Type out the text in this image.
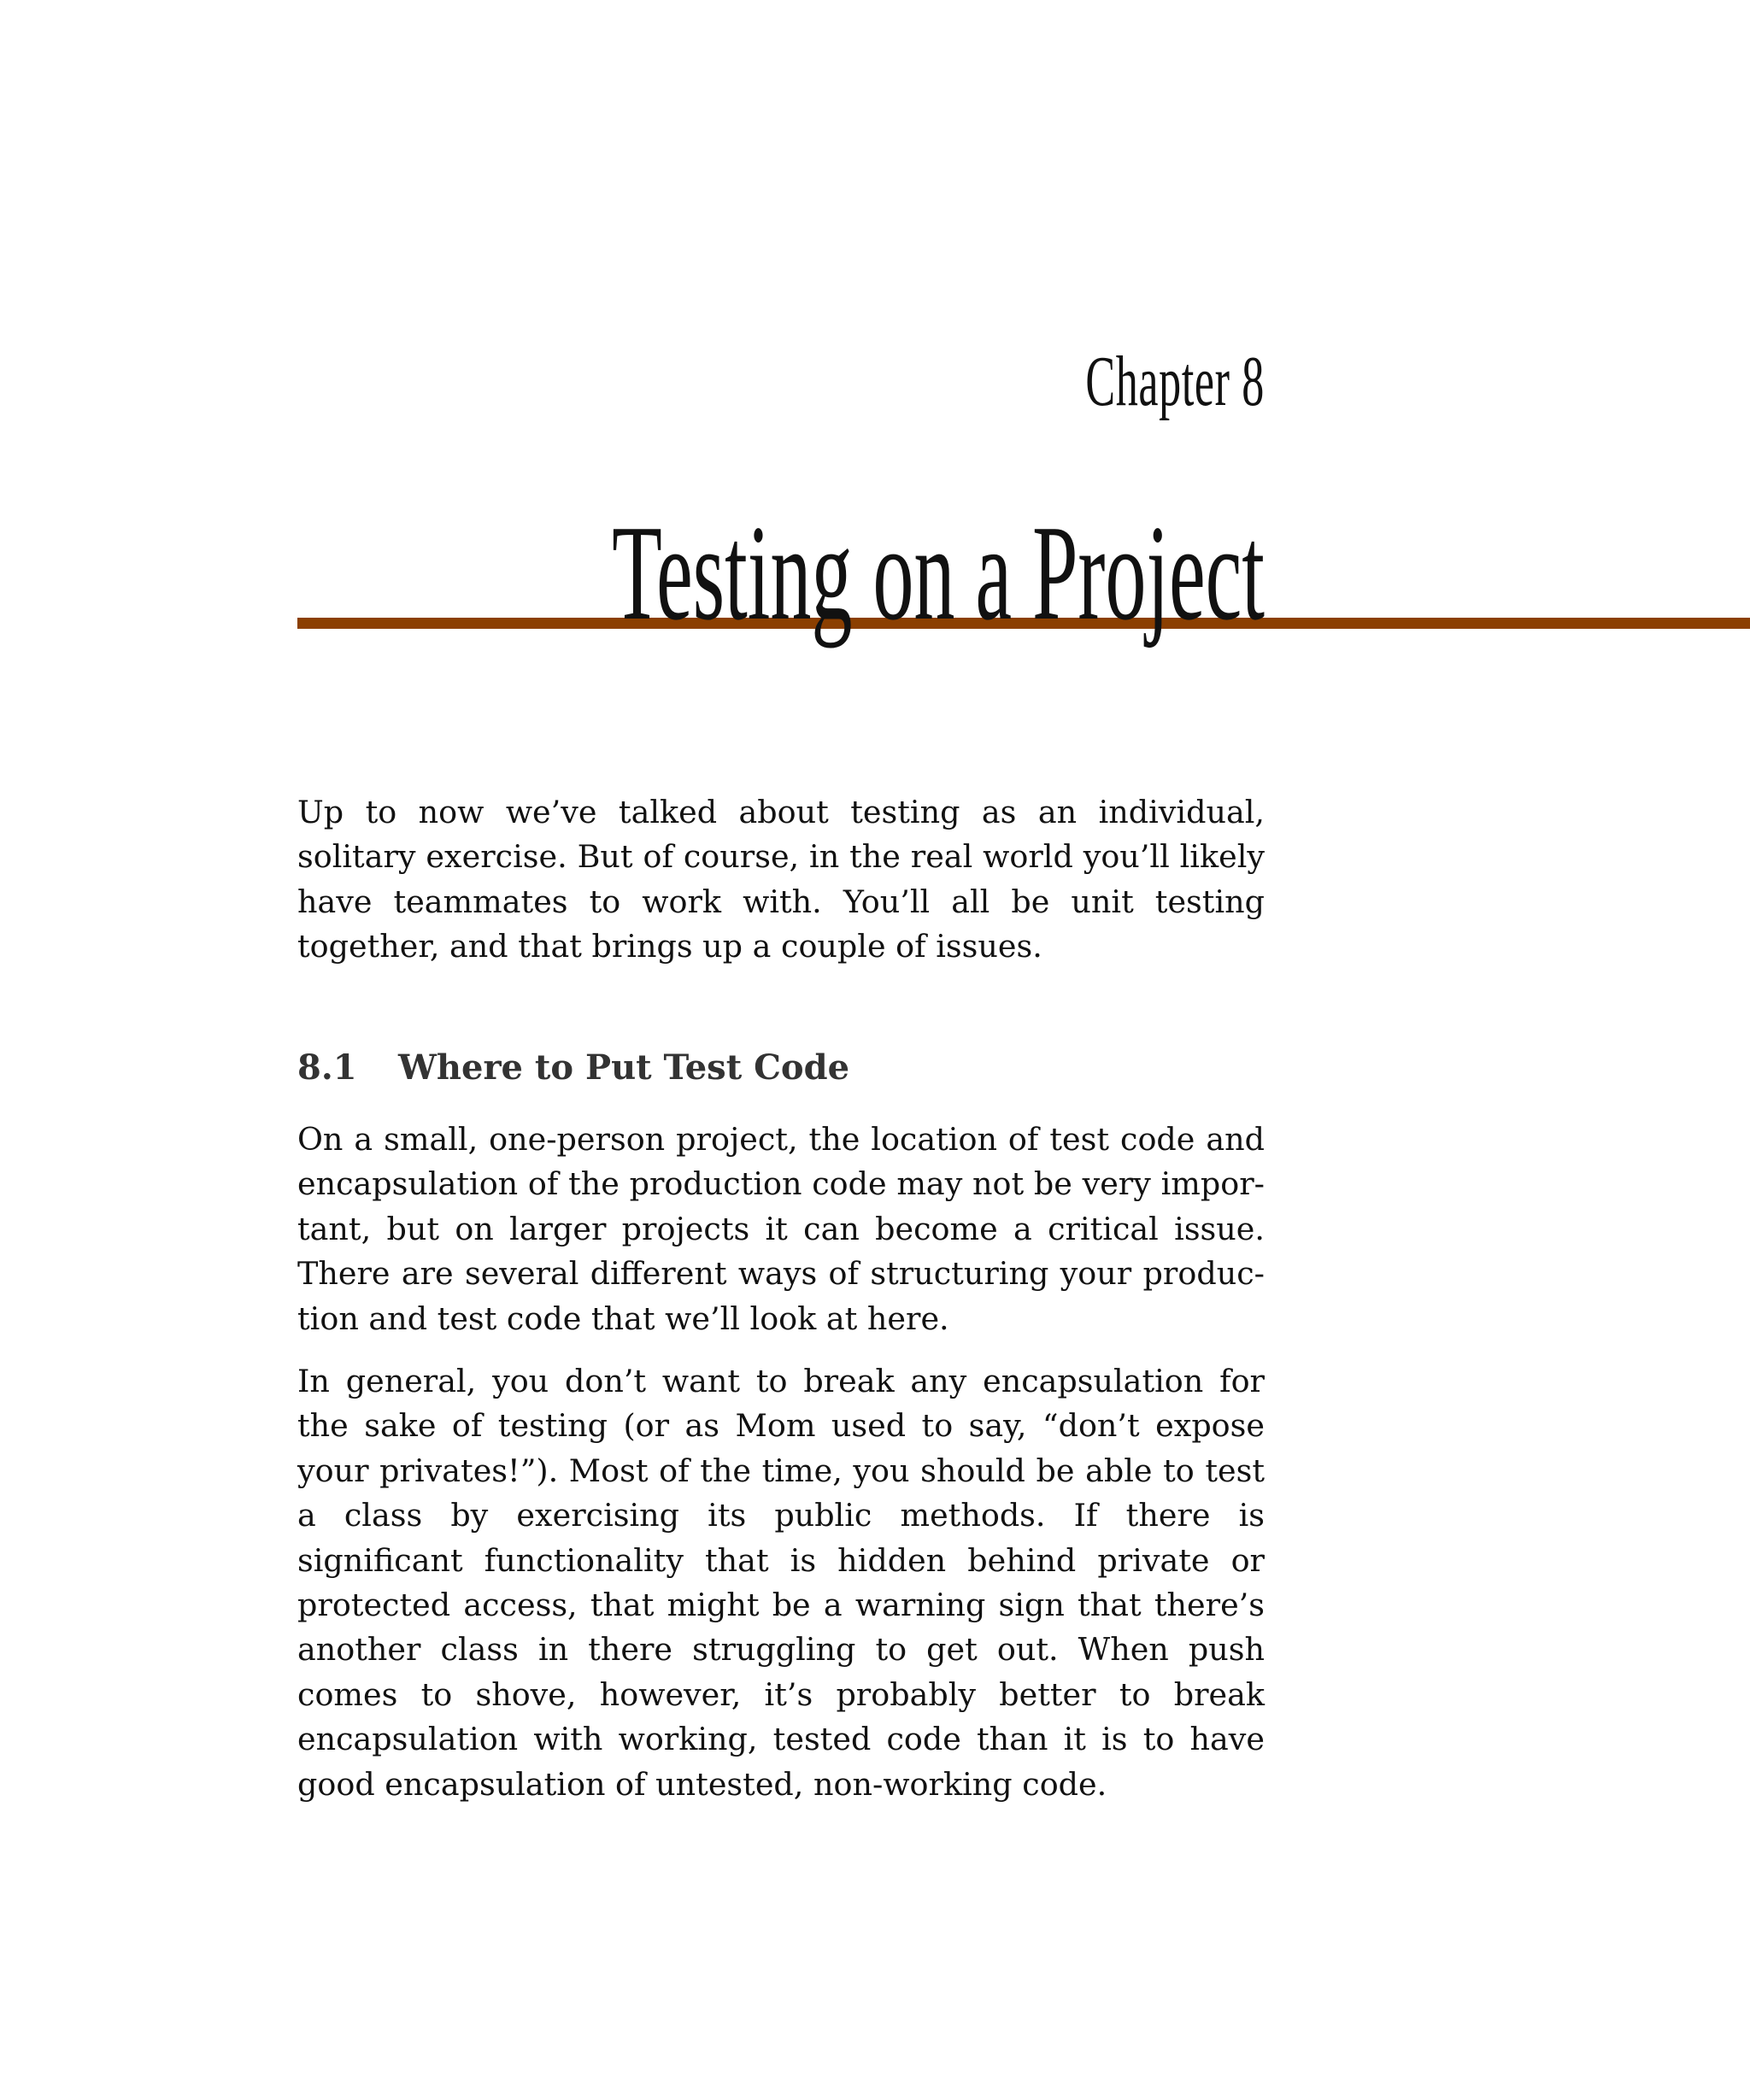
Chapter 8
Testing on a Project

Up to now we’ve talked about testing as an individual, solitary exercise. But of course, in the real world you’ll likely have teammates to work with. You’ll all be unit testing together, and that brings up a couple of issues.

8.1 Where to Put Test Code

On a small, one-person project, the location of test code and encapsulation of the production code may not be very important, but on larger projects it can become a critical issue. There are several different ways of structuring your production and test code that we’ll look at here.

In general, you don’t want to break any encapsulation for the sake of testing (or as Mom used to say, “don’t expose your privates!”). Most of the time, you should be able to test a class by exercising its public methods. If there is significant functionality that is hidden behind private or protected access, that might be a warning sign that there’s another class in there struggling to get out. When push comes to shove, however, it’s probably better to break encapsulation with working, tested code than it is to have good encapsulation of untested, non-working code.
